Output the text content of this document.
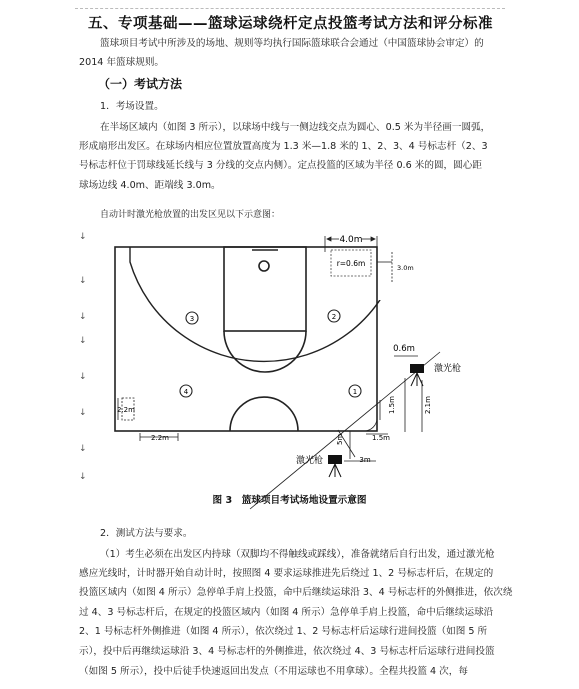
五、专项基础——篮球运球绕杆定点投篮考试方法和评分标准
篮球项目考试中所涉及的场地、规则等均执行国际篮球联合会通过（中国篮球协会审定）的
2014 年篮球规则。
（一）考试方法
1．考场设置。
在半场区域内（如图 3 所示），以球场中线与一侧边线交点为圆心、0.5 米为半径画一圆弧，
形成扇形出发区。在球场内相应位置放置高度为 1.3 米—1.8 米的 1、2、3、4 号标志杆（2、3
号标志杆位于罚球线延长线与 3 分线的交点内侧）。定点投篮的区域为半径 0.6 米的圆，圆心距
球场边线 4.0m、距端线 3.0m。
自动计时激光枪放置的出发区见以下示意图：
↓
↓
↓
↓
↓
↓
↓
↓
3	2
4	1
4.0m
r=0.6m	3.0m
0.6m
1.5m	2.1m
1.5m
3m
5m
激光枪
激光枪
2.2m
2.2m
图 3　篮球项目考试场地设置示意图
2．测试方法与要求。
（1）考生必须在出发区内持球（双脚均不得触线或踩线），准备就绪后自行出发，通过激光枪
感应光线时，计时器开始自动计时，按照图 4 要求运球推进先后绕过 1、2 号标志杆后，在规定的
投篮区域内（如图 4 所示）急停单手肩上投篮，命中后继续运球沿 3、4 号标志杆的外侧推进，依次绕
过 4、3 号标志杆后，在规定的投篮区域内（如图 4 所示）急停单手肩上投篮，命中后继续运球沿
2、1 号标志杆外侧推进（如图 4 所示），依次绕过 1、2 号标志杆后运球行进间投篮（如图 5 所
示），投中后再继续运球沿 3、4 号标志杆的外侧推进，依次绕过 4、3 号标志杆后运球行进间投篮
（如图 5 所示），投中后徒手快速返回出发点（不用运球也不用拿球）。全程共投篮 4 次，每
